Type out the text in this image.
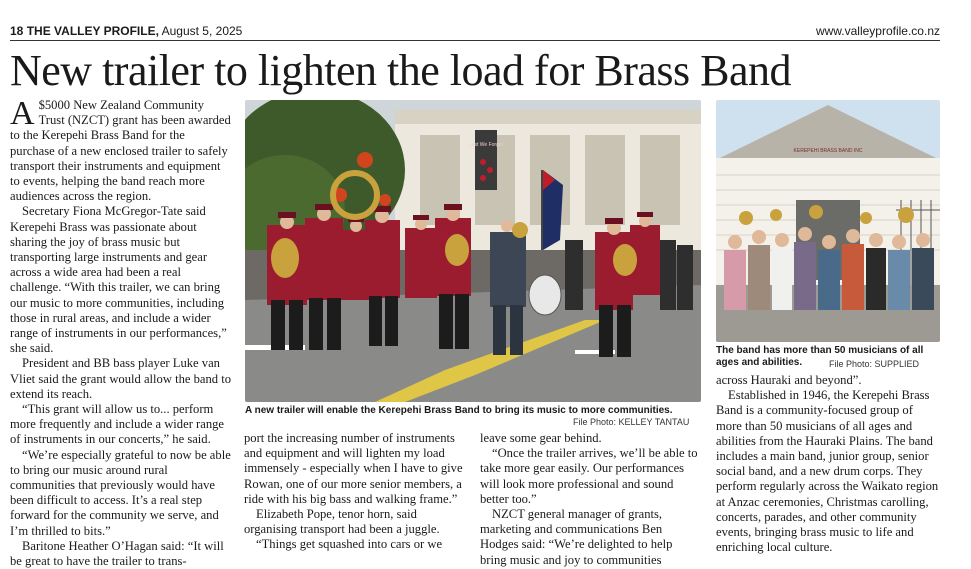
18 THE VALLEY PROFILE, August 5, 2025	www.valleyprofile.co.nz
New trailer to lighten the load for Brass Band

A $5000 New Zealand Community Trust (NZCT) grant has been awarded to the Kerepehi Brass Band for the purchase of a new enclosed trailer to safely transport their instruments and equipment to events, helping the band reach more audiences across the region.

Secretary Fiona McGregor-Tate said Kerepehi Brass was passionate about sharing the joy of brass music but transporting large instruments and gear across a wide area had been a real challenge. “With this trailer, we can bring our music to more communities, including those in rural areas, and include a wider range of instruments in our performances,” she said.

President and BB bass player Luke van Vliet said the grant would allow the band to extend its reach.

“This grant will allow us to... perform more frequently and include a wider range of instruments in our concerts,” he said.

“We’re especially grateful to now be able to bring our music around rural communities that previously would have been difficult to access. It’s a real step forward for the community we serve, and I’m thrilled to bits.”

Baritone Heather O’Hagan said: “It will be great to have the trailer to trans-

Lest We Forget
A new trailer will enable the Kerepehi Brass Band to bring its music to more communities.
File Photo: KELLEY TANTAU

port the increasing number of instruments and equipment and will lighten my load immensely - especially when I have to give Rowan, one of our more senior members, a ride with his big bass and walking frame.”

Elizabeth Pope, tenor horn, said organising transport had been a juggle.

“Things get squashed into cars or we

leave some gear behind.

“Once the trailer arrives, we’ll be able to take more gear easily. Our performances will look more professional and sound better too.”

NZCT general manager of grants, marketing and communications Ben Hodges said: “We’re delighted to help bring music and joy to communities

KEREPEHI BRASS BAND INC
The band has more than 50 musicians of all ages and abilities.	File Photo: SUPPLIED

across Hauraki and beyond”.

Established in 1946, the Kerepehi Brass Band is a community-focused group of more than 50 musicians of all ages and abilities from the Hauraki Plains. The band includes a main band, junior group, senior social band, and a new drum corps. They perform regularly across the Waikato region at Anzac ceremonies, Christmas carolling, concerts, parades, and other community events, bringing brass music to life and enriching local culture.
